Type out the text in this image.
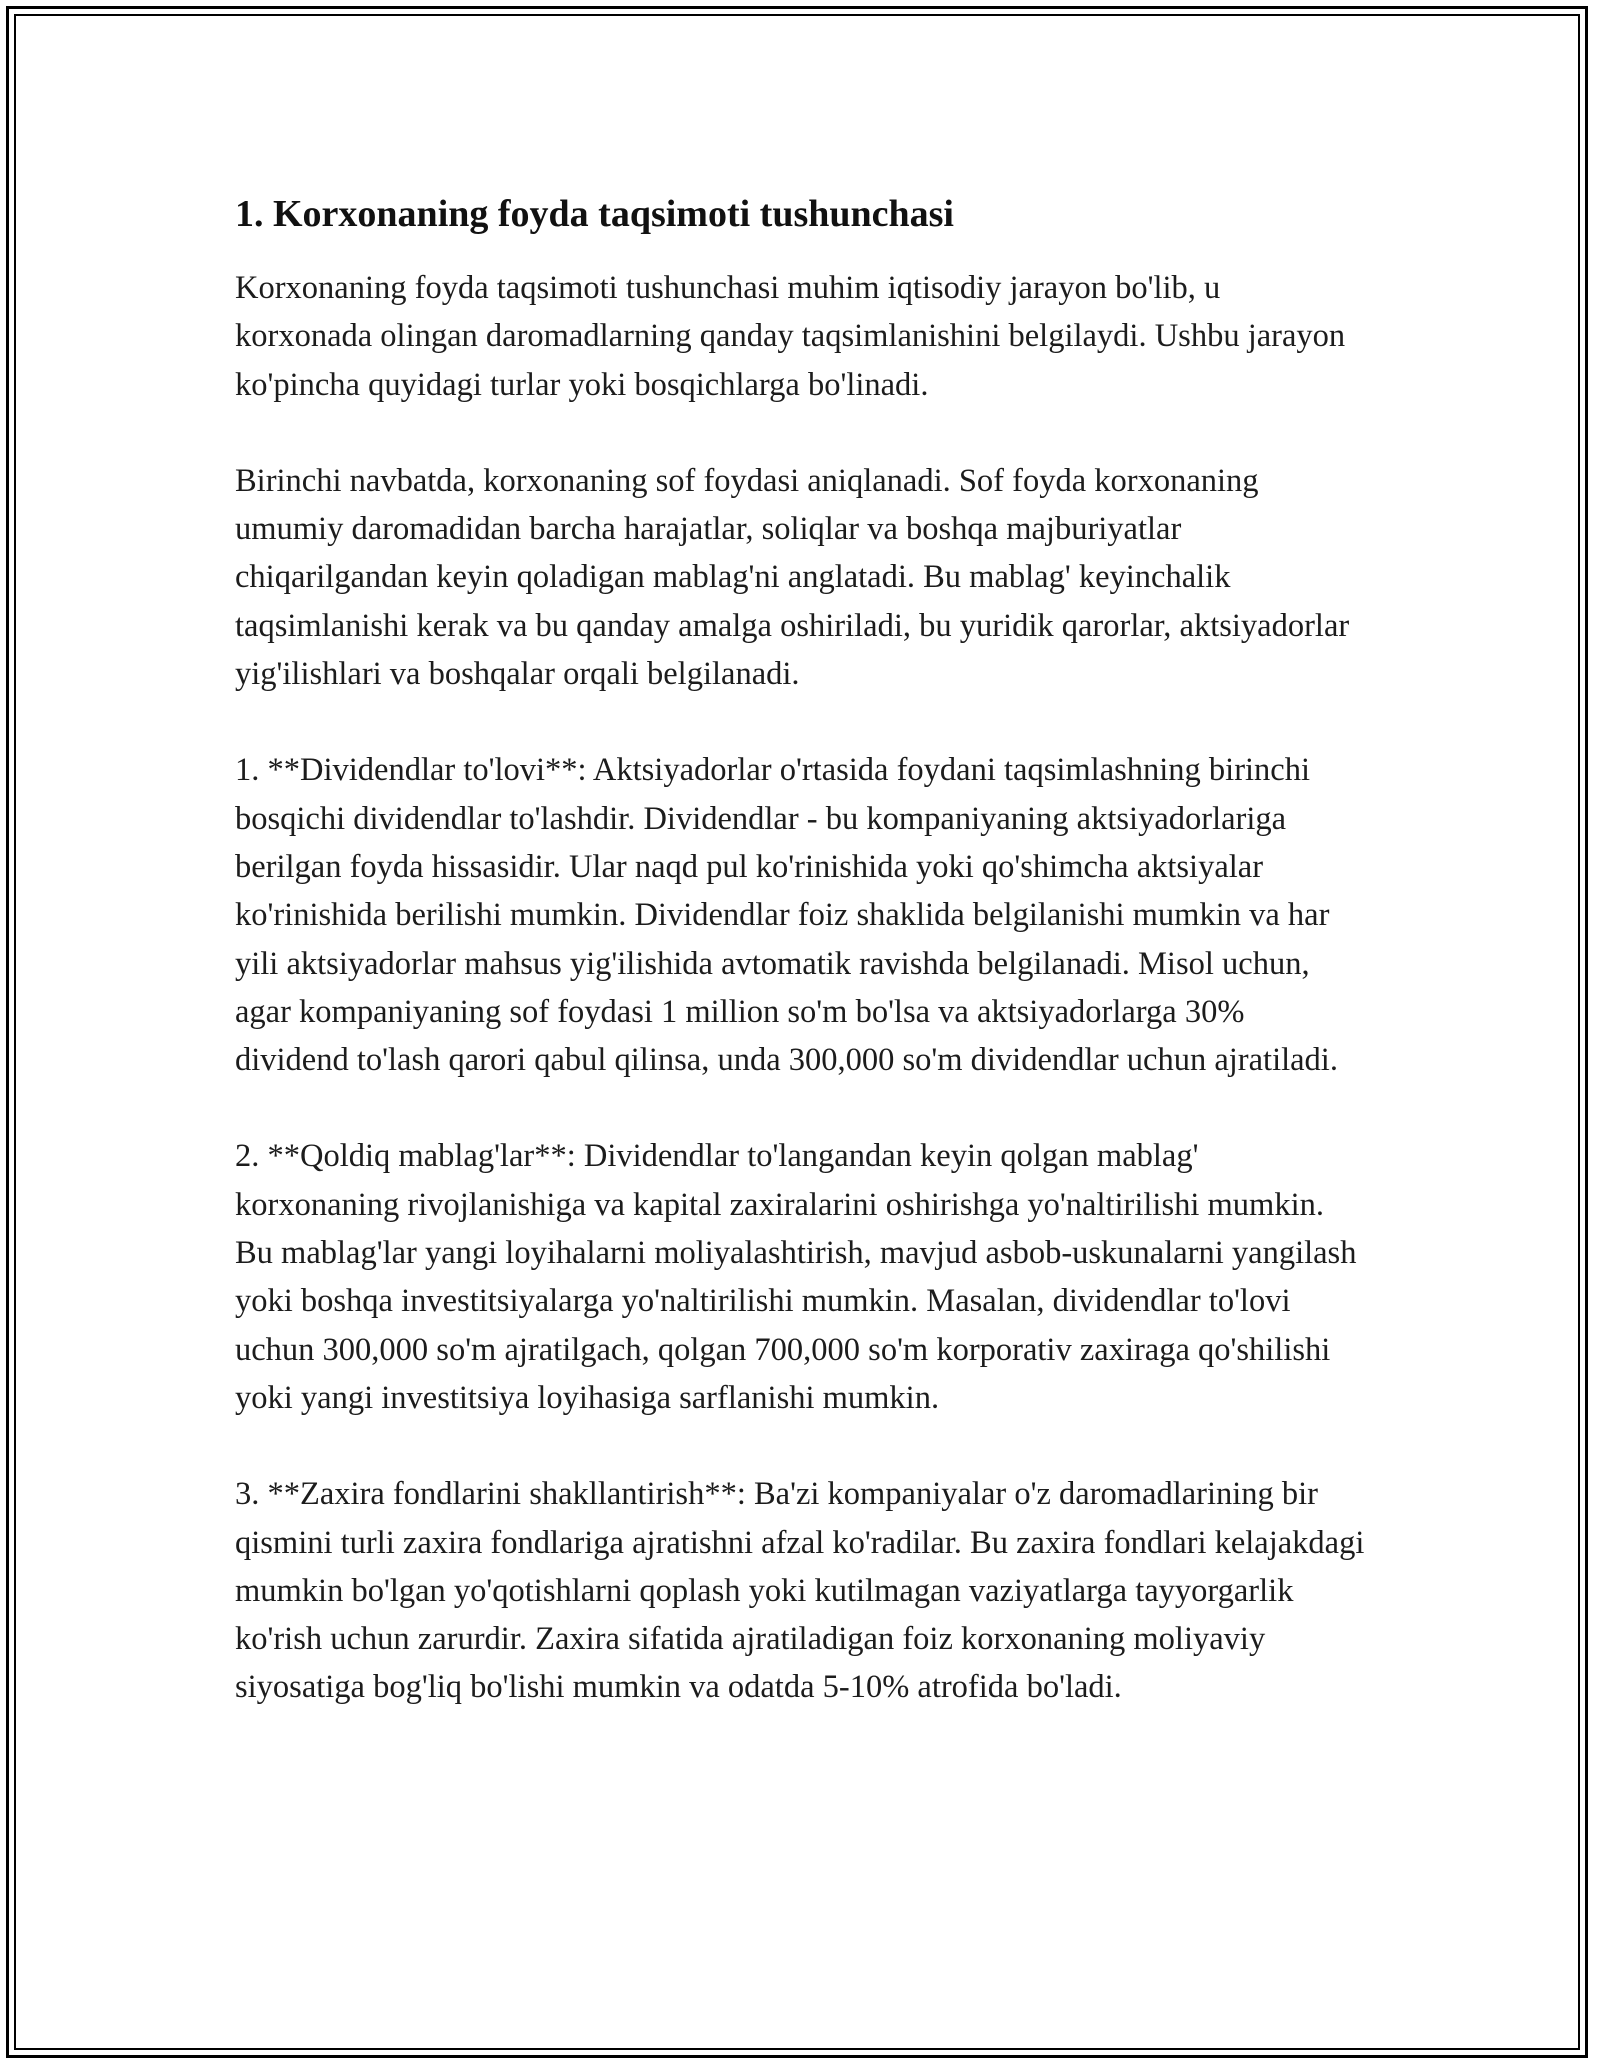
1. Korxonaning foyda taqsimoti tushunchasi

Korxonaning foyda taqsimoti tushunchasi muhim iqtisodiy jarayon bo'lib, u korxonada olingan daromadlarning qanday taqsimlanishini belgilaydi. Ushbu jarayon ko'pincha quyidagi turlar yoki bosqichlarga bo'linadi.

Birinchi navbatda, korxonaning sof foydasi aniqlanadi. Sof foyda korxonaning umumiy daromadidan barcha harajatlar, soliqlar va boshqa majburiyatlar chiqarilgandan keyin qoladigan mablag'ni anglatadi. Bu mablag' keyinchalik taqsimlanishi kerak va bu qanday amalga oshiriladi, bu yuridik qarorlar, aktsiyadorlar yig'ilishlari va boshqalar orqali belgilanadi.

1. **Dividendlar to'lovi**: Aktsiyadorlar o'rtasida foydani taqsimlashning birinchi bosqichi dividendlar to'lashdir. Dividendlar - bu kompaniyaning aktsiyadorlariga berilgan foyda hissasidir. Ular naqd pul ko'rinishida yoki qo'shimcha aktsiyalar ko'rinishida berilishi mumkin. Dividendlar foiz shaklida belgilanishi mumkin va har yili aktsiyadorlar mahsus yig'ilishida avtomatik ravishda belgilanadi. Misol uchun, agar kompaniyaning sof foydasi 1 million so'm bo'lsa va aktsiyadorlarga 30% dividend to'lash qarori qabul qilinsa, unda 300,000 so'm dividendlar uchun ajratiladi.

2. **Qoldiq mablag'lar**: Dividendlar to'langandan keyin qolgan mablag' korxonaning rivojlanishiga va kapital zaxiralarini oshirishga yo'naltirilishi mumkin. Bu mablag'lar yangi loyihalarni moliyalashtirish, mavjud asbob-uskunalarni yangilash yoki boshqa investitsiyalarga yo'naltirilishi mumkin. Masalan, dividendlar to'lovi uchun 300,000 so'm ajratilgach, qolgan 700,000 so'm korporativ zaxiraga qo'shilishi yoki yangi investitsiya loyihasiga sarflanishi mumkin.

3. **Zaxira fondlarini shakllantirish**: Ba'zi kompaniyalar o'z daromadlarining bir qismini turli zaxira fondlariga ajratishni afzal ko'radilar. Bu zaxira fondlari kelajakdagi mumkin bo'lgan yo'qotishlarni qoplash yoki kutilmagan vaziyatlarga tayyorgarlik ko'rish uchun zarurdir. Zaxira sifatida ajratiladigan foiz korxonaning moliyaviy siyosatiga bog'liq bo'lishi mumkin va odatda 5-10% atrofida bo'ladi.
